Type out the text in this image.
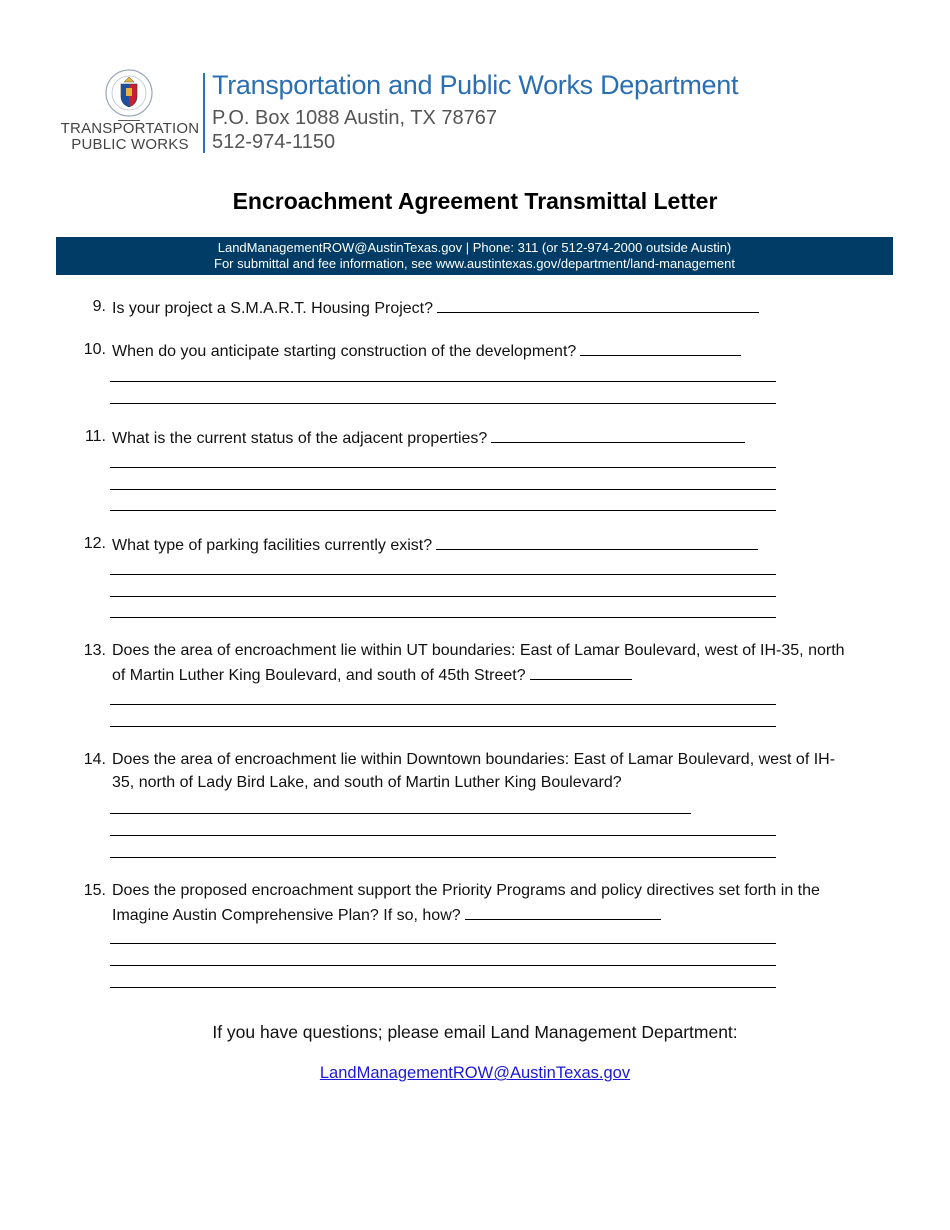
TRANSPORTATION
PUBLIC WORKS
Transportation and Public Works Department
P.O. Box 1088 Austin, TX 78767
512-974-1150
Encroachment Agreement Transmittal Letter
LandManagementROW@AustinTexas.gov | Phone: 311 (or 512-974-2000 outside Austin)
For submittal and fee information, see www.austintexas.gov/department/land-management
9. Is your project a S.M.A.R.T. Housing Project?
10. When do you anticipate starting construction of the development?
11. What is the current status of the adjacent properties?
12. What type of parking facilities currently exist?
13. Does the area of encroachment lie within UT boundaries: East of Lamar Boulevard, west of IH-35, north
of Martin Luther King Boulevard, and south of 45th Street?
14. Does the area of encroachment lie within Downtown boundaries: East of Lamar Boulevard, west of IH-
35, north of Lady Bird Lake, and south of Martin Luther King Boulevard?
15. Does the proposed encroachment support the Priority Programs and policy directives set forth in the
Imagine Austin Comprehensive Plan? If so, how?
If you have questions; please email Land Management Department:
LandManagementROW@AustinTexas.gov
